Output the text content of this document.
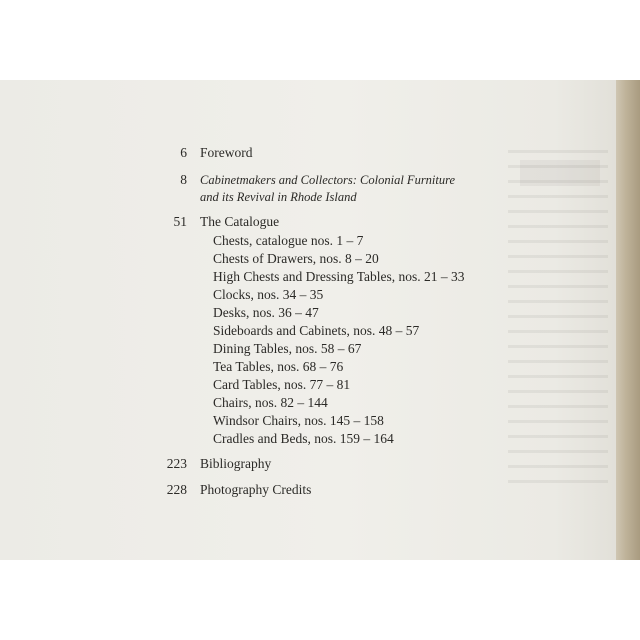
6 Foreword
8 Cabinetmakers and Collectors: Colonial Furniture
and its Revival in Rhode Island
51 The Catalogue
Chests, catalogue nos. 1 – 7
Chests of Drawers, nos. 8 – 20
High Chests and Dressing Tables, nos. 21 – 33
Clocks, nos. 34 – 35
Desks, nos. 36 – 47
Sideboards and Cabinets, nos. 48 – 57
Dining Tables, nos. 58 – 67
Tea Tables, nos. 68 – 76
Card Tables, nos. 77 – 81
Chairs, nos. 82 – 144
Windsor Chairs, nos. 145 – 158
Cradles and Beds, nos. 159 – 164
223 Bibliography
228 Photography Credits
